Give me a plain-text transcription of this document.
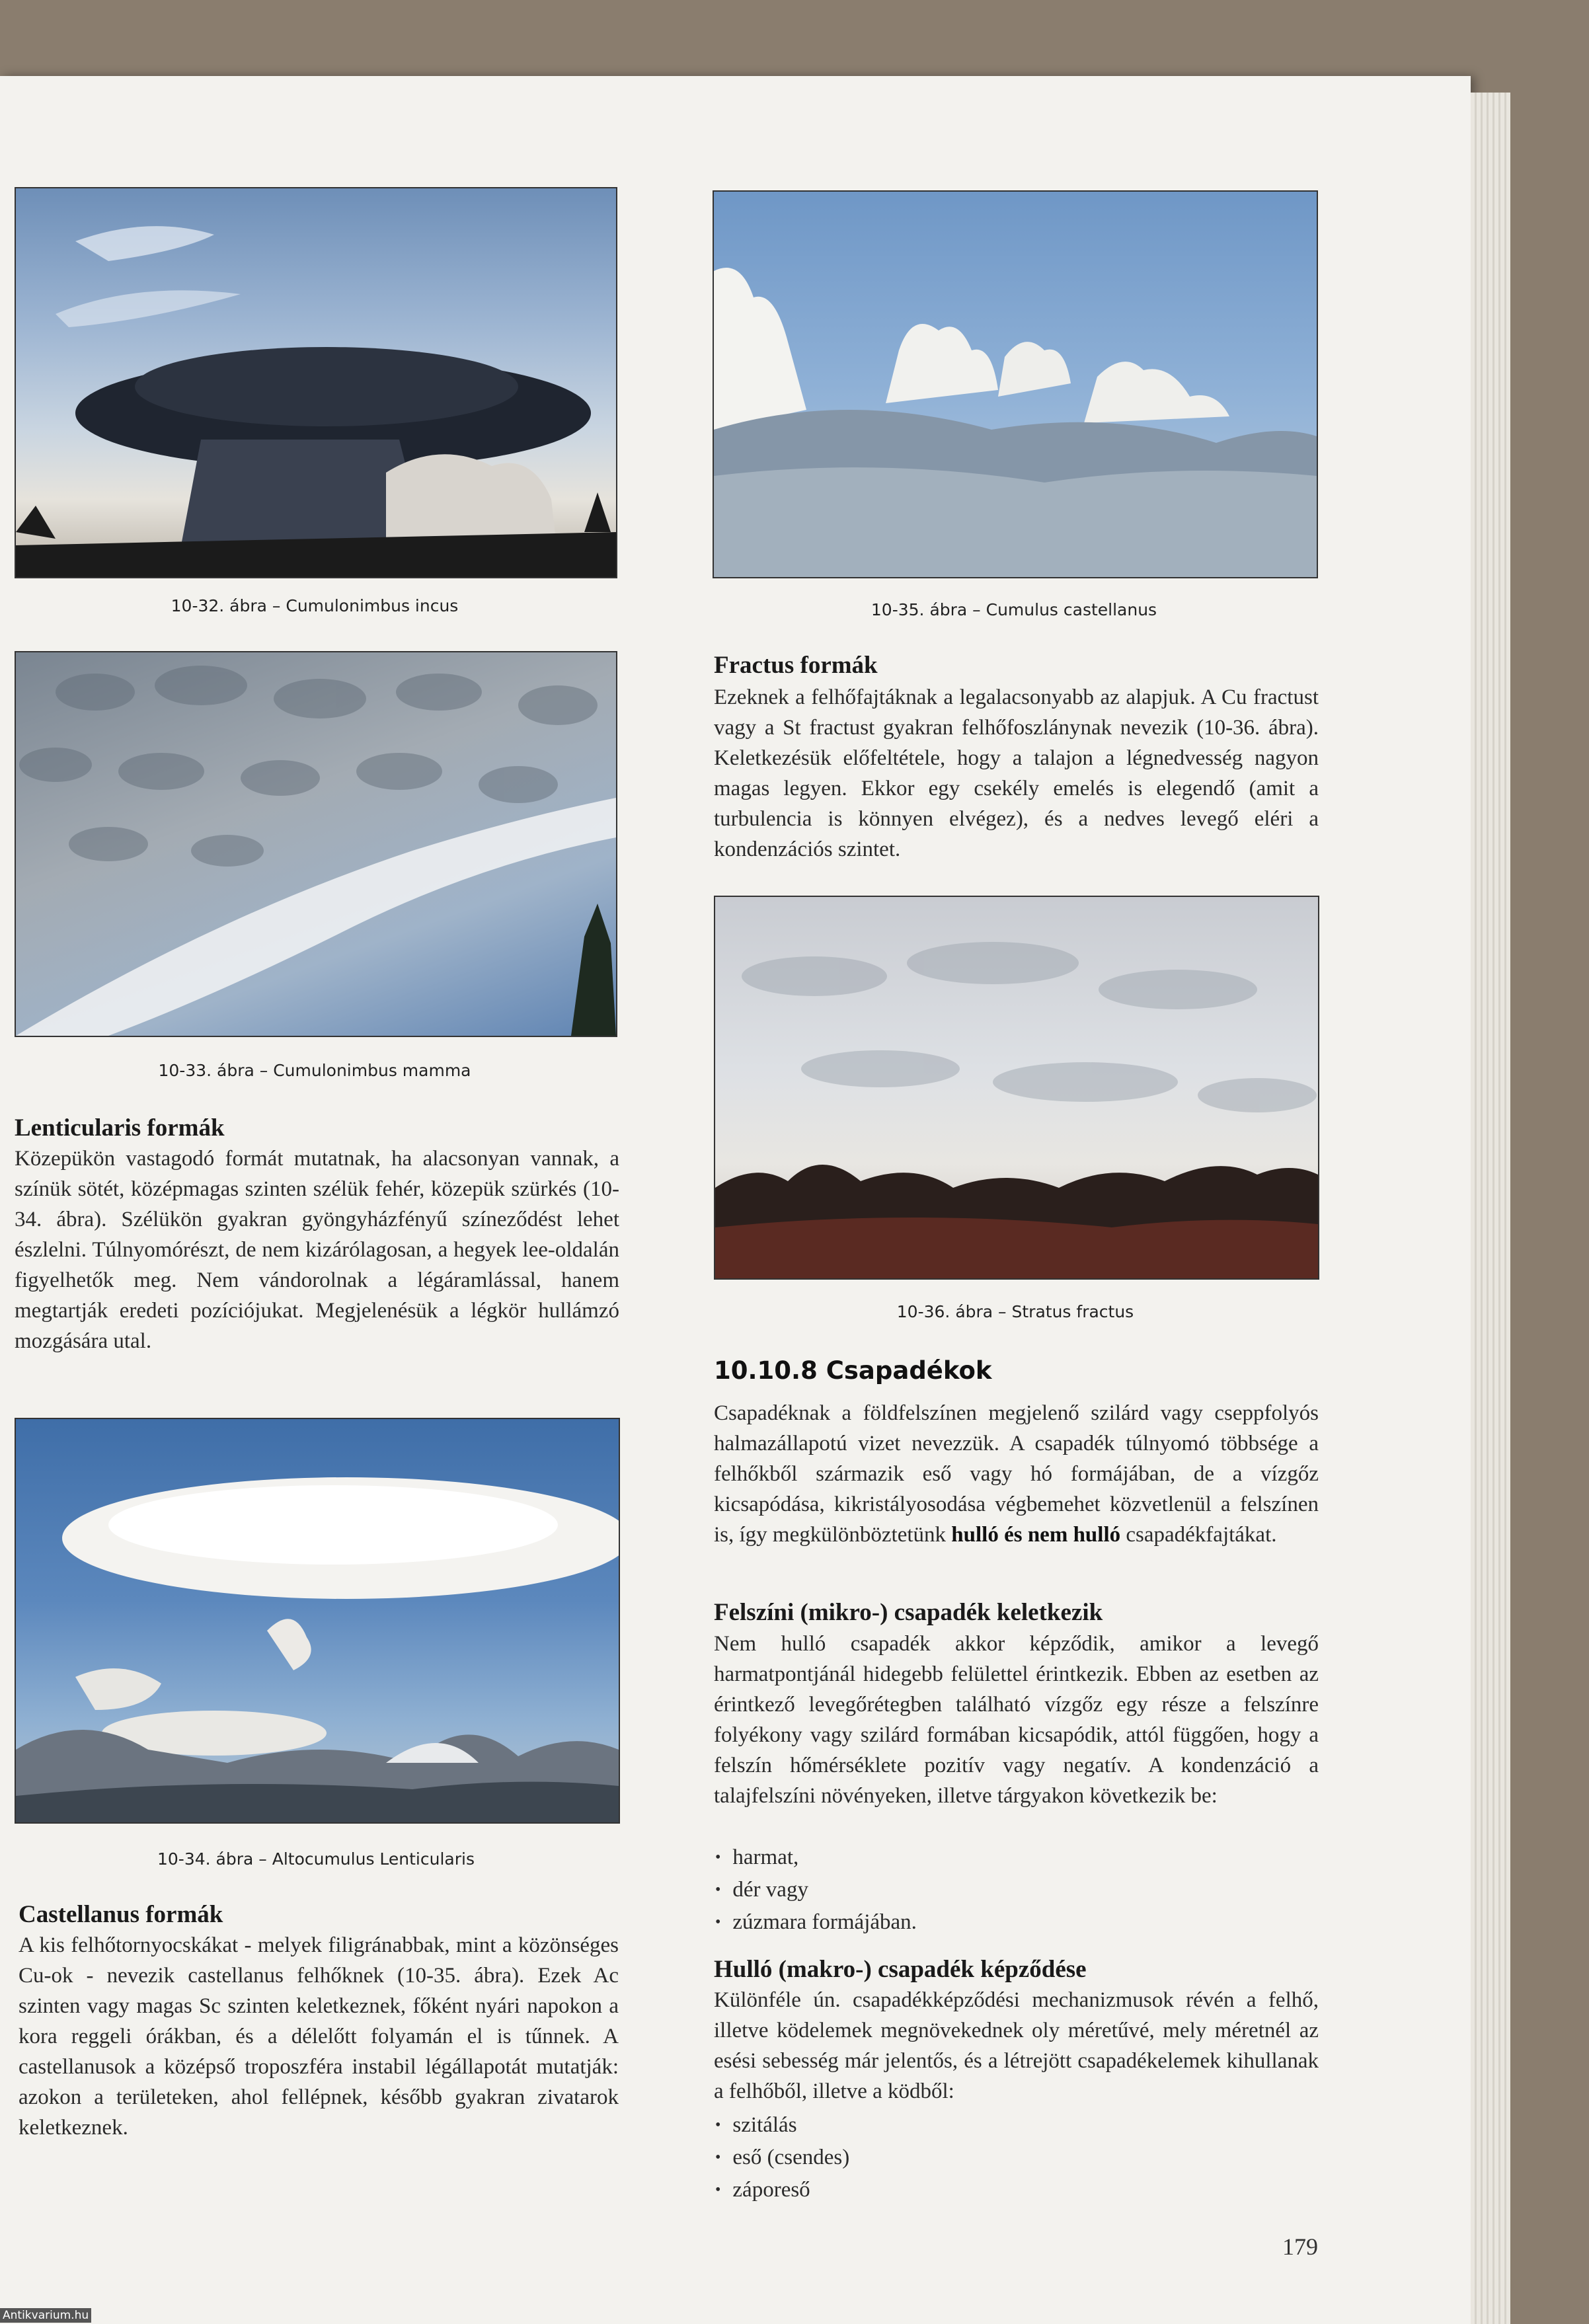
10-32. ábra – Cumulonimbus incus	10-35. ábra – Cumulus castellanus
10-33. ábra – Cumulonimbus mamma
Fractus formák
Ezeknek a felhőfajtáknak a legalacsonyabb az alapjuk. A Cu fractust vagy a St fractust gyakran felhőfoszlánynak nevezik (10-36. ábra). Keletkezésük előfeltétele, hogy a talajon a légnedvesség nagyon magas legyen. Ekkor egy csekély emelés is elegendő (amit a turbulencia is könnyen elvégez), és a nedves levegő eléri a kondenzációs szintet.
10-36. ábra – Stratus fractus
Lenticularis formák
Közepükön vastagodó formát mutatnak, ha alacsonyan vannak, a színük sötét, középmagas szinten szélük fehér, közepük szürkés (10-34. ábra). Szélükön gyakran gyöngyházfényű színeződést lehet észlelni. Túlnyomórészt, de nem kizárólagosan, a hegyek lee-oldalán figyelhetők meg. Nem vándorolnak a légáramlással, hanem megtartják eredeti pozíciójukat. Megjelenésük a légkör hullámzó mozgására utal.
10-34. ábra – Altocumulus Lenticularis
Castellanus formák
A kis felhőtornyocskákat - melyek filigránabbak, mint a közönséges Cu-ok - nevezik castellanus felhőknek (10-35. ábra). Ezek Ac szinten vagy magas Sc szinten keletkeznek, főként nyári napokon a kora reggeli órákban, és a délelőtt folyamán el is tűnnek. A castellanusok a középső troposzféra instabil légállapotát mutatják: azokon a területeken, ahol fellépnek, később gyakran zivatarok keletkeznek.
10.10.8 Csapadékok
Csapadéknak a földfelszínen megjelenő szilárd vagy cseppfolyós halmazállapotú vizet nevezzük. A csapadék túlnyomó többsége a felhőkből származik eső vagy hó formájában, de a vízgőz kicsapódása, kikristályosodása végbemehet közvetlenül a felszínen is, így megkülönböztetünk hulló és nem hulló csapadékfajtákat.
Felszíni (mikro-) csapadék keletkezik
Nem hulló csapadék akkor képződik, amikor a levegő harmatpontjánál hidegebb felülettel érintkezik. Ebben az esetben az érintkező levegőrétegben található vízgőz egy része a felszínre folyékony vagy szilárd formában kicsapódik, attól függően, hogy a felszín hőmérséklete pozitív vagy negatív. A kondenzáció a talajfelszíni növényeken, illetve tárgyakon következik be:
• harmat,
• dér vagy
• zúzmara formájában.
Hulló (makro-) csapadék képződése
Különféle ún. csapadékképződési mechanizmusok révén a felhő, illetve ködelemek megnövekednek oly méretűvé, mely méretnél az esési sebesség már jelentős, és a létrejött csapadékelemek kihullanak a felhőből, illetve a ködből:
• szitálás
• eső (csendes)
• záporeső
179
Antikvarium.hu
